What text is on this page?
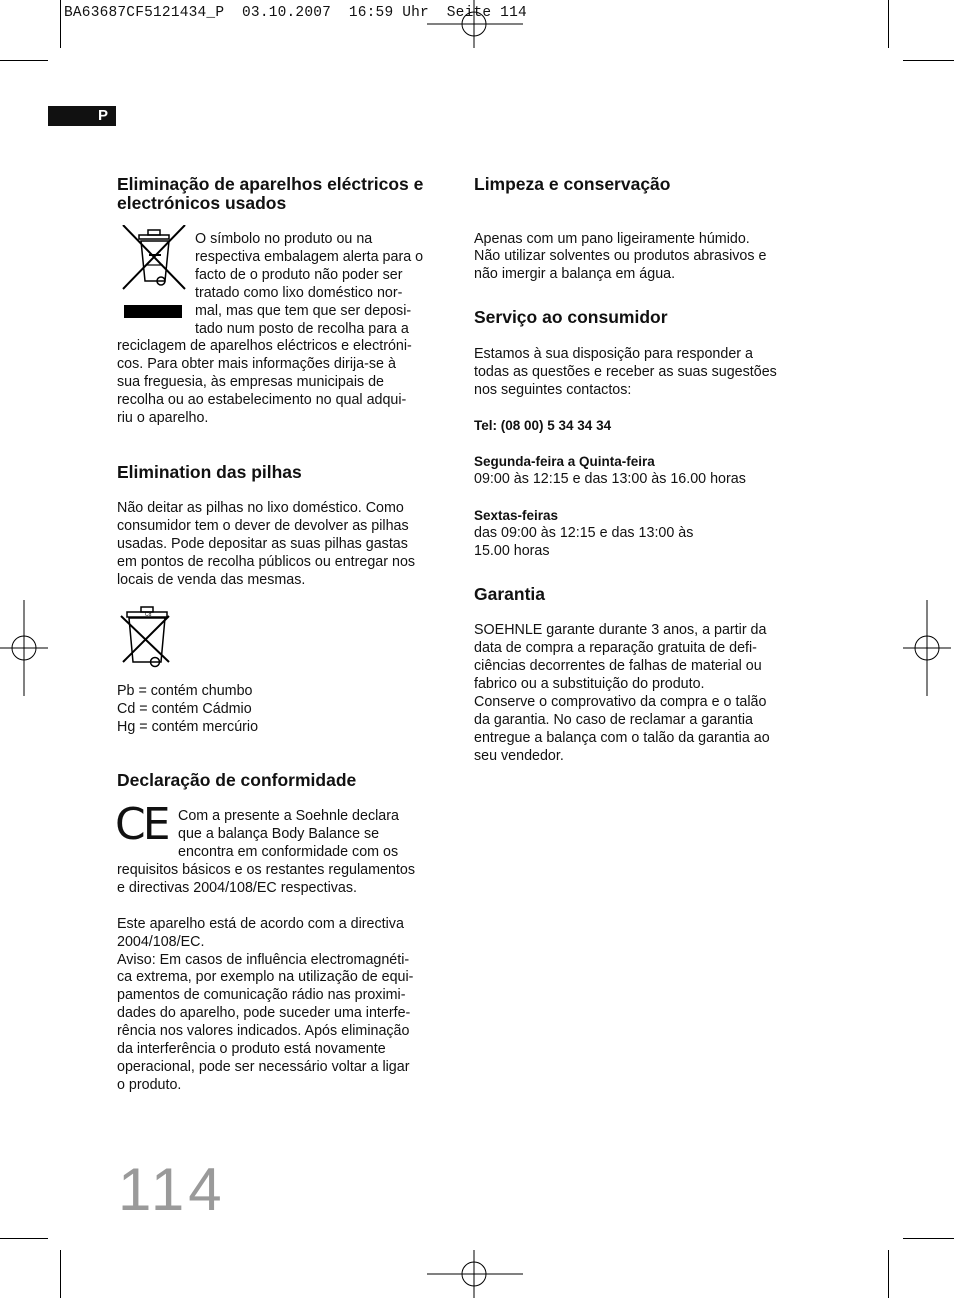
BA63687CF5121434_P  03.10.2007  16:59 Uhr  Seite 114
P
Eliminação de aparelhos eléctricos e electrónicos usados

O símbolo no produto ou na

respectiva embalagem alerta para o

facto de o produto não poder ser

tratado como lixo doméstico nor-

mal, mas que tem que ser deposi-

tado num posto de recolha para a

reciclagem de aparelhos eléctricos e electróni-

cos. Para obter mais informações dirija-se à

sua freguesia, às empresas municipais de

recolha ou ao estabelecimento no qual adqui-

riu o aparelho.

Elimination das pilhas

Não deitar as pilhas no lixo doméstico. Como

consumidor tem o dever de devolver as pilhas

usadas. Pode depositar as suas pilhas gastas

em pontos de recolha públicos ou entregar nos

locais de venda das mesmas.

Cd

Pb = contém chumbo

Cd = contém Cádmio

Hg = contém mercúrio

Declaração de conformidade
CE Com a presente a Soehnle declara

que a balança Body Balance se

encontra em conformidade com os

requisitos básicos e os restantes regulamentos

e directivas 2004/108/EC respectivas.

Este aparelho está de acordo com a directiva

2004/108/EC.

Aviso: Em casos de influência electromagnéti-

ca extrema, por exemplo na utilização de equi-

pamentos de comunicação rádio nas proximi-

dades do aparelho, pode suceder uma interfe-

rência nos valores indicados. Após eliminação

da interferência o produto está novamente

operacional, pode ser necessário voltar a ligar

o produto.

Limpeza e conservação

Apenas com um pano ligeiramente húmido.

Não utilizar solventes ou produtos abrasivos e

não imergir a balança em água.

Serviço ao consumidor

Estamos à sua disposição para responder a

todas as questões e receber as suas sugestões

nos seguintes contactos:

Tel: (08 00) 5 34 34 34

Segunda-feira a Quinta-feira

09:00 às 12:15 e das 13:00 às 16.00 horas

Sextas-feiras

das 09:00 às 12:15 e das 13:00 às

15.00 horas

Garantia

SOEHNLE garante durante 3 anos, a partir da

data de compra a reparação gratuita de defi-

ciências decorrentes de falhas de material ou

fabrico ou a substituição do produto.

Conserve o comprovativo da compra e o talão

da garantia. No caso de reclamar a garantia

entregue a balança com o talão da garantia ao

seu vendedor.

114
